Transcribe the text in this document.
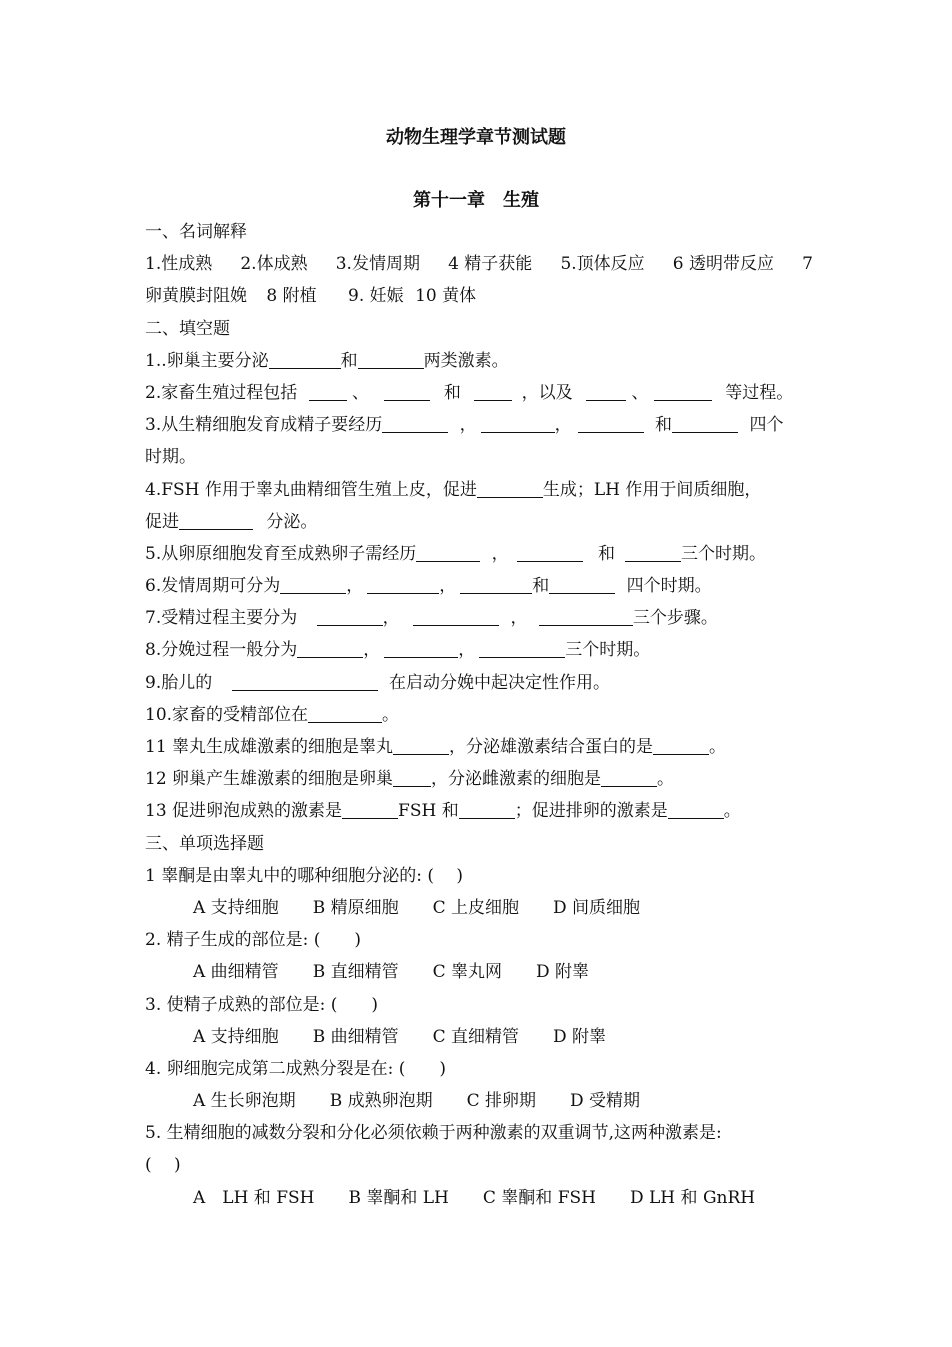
动物生理学章节测试题
第十一章　生殖
一、名词解释
1.性成熟 2.体成熟 3.发情周期 4 精子获能 5.顶体反应 6 透明带反应 7
卵黄膜封阻娩 8 附植 9. 妊娠 10 黄体
二、填空题
1..卵巢主要分泌	和	两类激素。
2.家畜生殖过程包括	、	和	，以及	、	等过程。
3.从生精细胞发育成精子要经历	，	，	和	四个
时期。
4.FSH 作用于睾丸曲精细管生殖上皮，促进	生成；LH 作用于间质细胞，
促进	分泌。
5.从卵原细胞发育至成熟卵子需经历	，	和	三个时期。
6.发情周期可分为	，	，	和	四个时期。
7.受精过程主要分为	，	，	三个步骤。
8.分娩过程一般分为	，	，	三个时期。
9.胎儿的	在启动分娩中起决定性作用。
10.家畜的受精部位在	。
11 睾丸生成雄激素的细胞是睾丸	，分泌雄激素结合蛋白的是	。
12 卵巢产生雄激素的细胞是卵巢 ，分泌雌激素的细胞是	。
13 促进卵泡成熟的激素是	FSH 和	；促进排卵的激素是	。
三、单项选择题
1 睾酮是由睾丸中的哪种细胞分泌的: (　 )
A 支持细胞 B 精原细胞 C 上皮细胞 D 间质细胞
2. 精子生成的部位是: (　　)
A 曲细精管 B 直细精管 C 睾丸网 D 附睾
3. 使精子成熟的部位是: (　　)
A 支持细胞 B 曲细精管 C 直细精管 D 附睾
4. 卵细胞完成第二成熟分裂是在: (　　)
A 生长卵泡期 B 成熟卵泡期 C 排卵期 D 受精期
5. 生精细胞的减数分裂和分化必须依赖于两种激素的双重调节,这两种激素是:
(　 )
A　LH 和 FSH B 睾酮和 LH C 睾酮和 FSH D LH 和 GnRH
